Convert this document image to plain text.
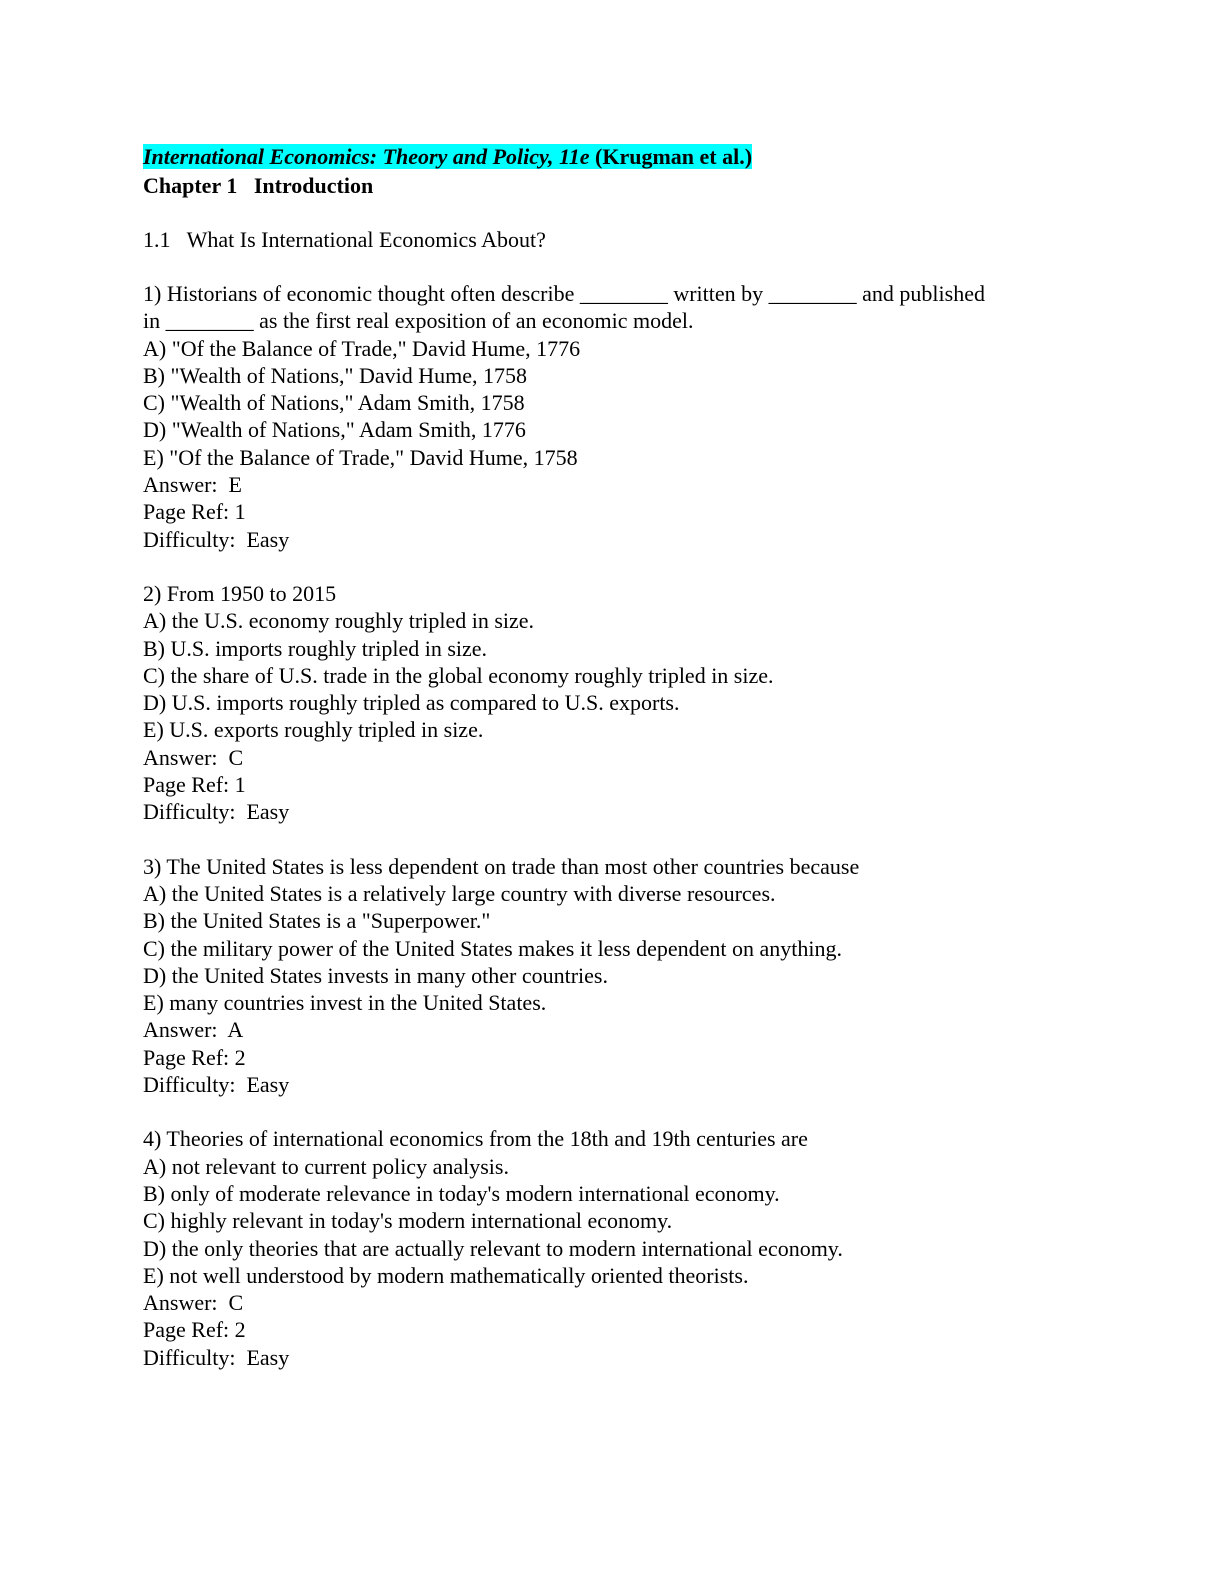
International Economics: Theory and Policy, 11e (Krugman et al.)
Chapter 1   Introduction
1.1   What Is International Economics About?
1) Historians of economic thought often describe ________ written by ________ and published
in ________ as the first real exposition of an economic model.
A) "Of the Balance of Trade," David Hume, 1776
B) "Wealth of Nations," David Hume, 1758
C) "Wealth of Nations," Adam Smith, 1758
D) "Wealth of Nations," Adam Smith, 1776
E) "Of the Balance of Trade," David Hume, 1758
Answer:  E
Page Ref: 1
Difficulty:  Easy
2) From 1950 to 2015
A) the U.S. economy roughly tripled in size.
B) U.S. imports roughly tripled in size.
C) the share of U.S. trade in the global economy roughly tripled in size.
D) U.S. imports roughly tripled as compared to U.S. exports.
E) U.S. exports roughly tripled in size.
Answer:  C
Page Ref: 1
Difficulty:  Easy
3) The United States is less dependent on trade than most other countries because
A) the United States is a relatively large country with diverse resources.
B) the United States is a "Superpower."
C) the military power of the United States makes it less dependent on anything.
D) the United States invests in many other countries.
E) many countries invest in the United States.
Answer:  A
Page Ref: 2
Difficulty:  Easy
4) Theories of international economics from the 18th and 19th centuries are
A) not relevant to current policy analysis.
B) only of moderate relevance in today's modern international economy.
C) highly relevant in today's modern international economy.
D) the only theories that are actually relevant to modern international economy.
E) not well understood by modern mathematically oriented theorists.
Answer:  C
Page Ref: 2
Difficulty:  Easy
